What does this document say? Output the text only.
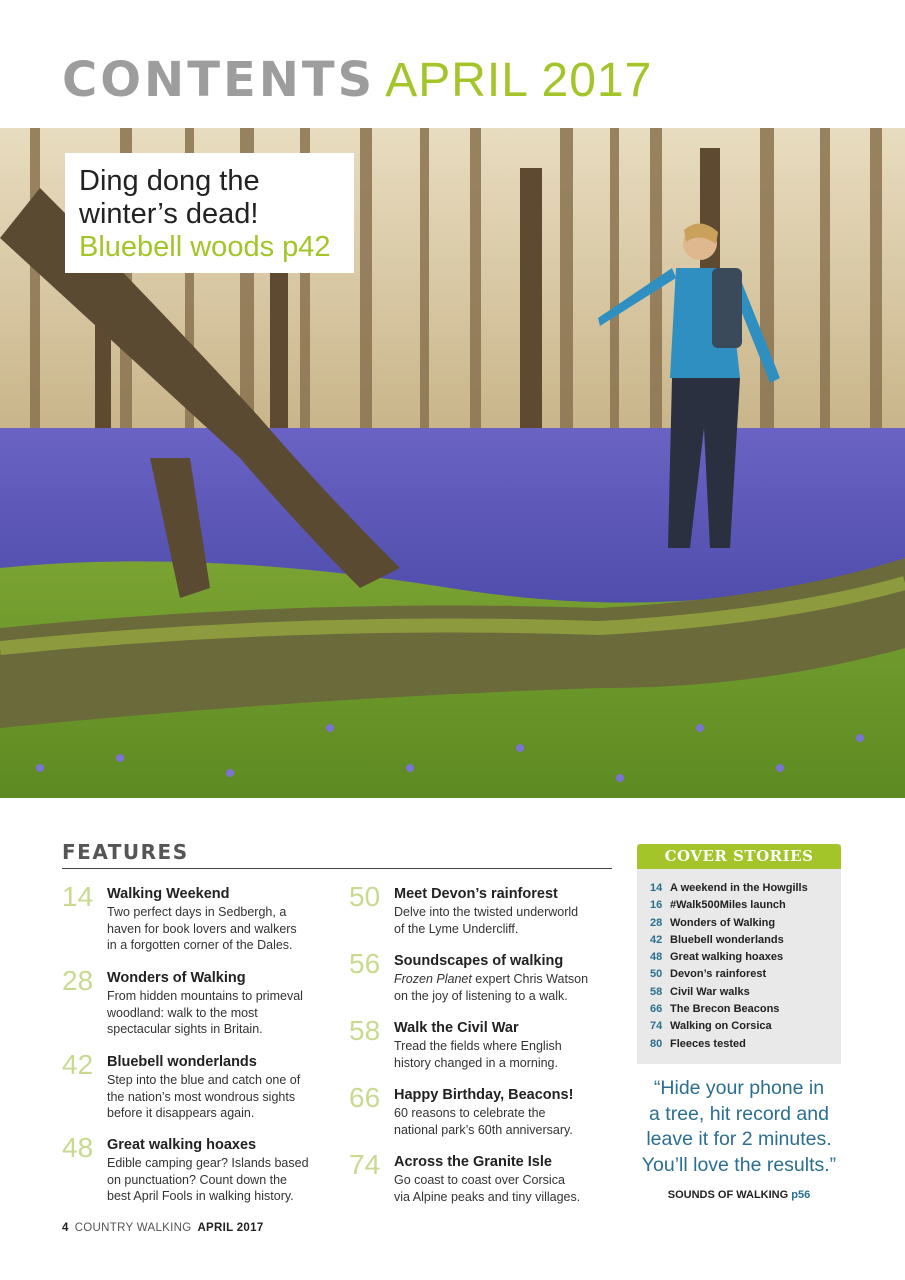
CONTENTS APRIL 2017
Ding dong the
winter’s dead!
Bluebell woods p42
FEATURES
14 Walking Weekend
Two perfect days in Sedbergh, a
haven for book lovers and walkers
in a forgotten corner of the Dales.
28 Wonders of Walking
From hidden mountains to primeval
woodland: walk to the most
spectacular sights in Britain.
42 Bluebell wonderlands
Step into the blue and catch one of
the nation’s most wondrous sights
before it disappears again.
48 Great walking hoaxes
Edible camping gear? Islands based
on punctuation? Count down the
best April Fools in walking history.
50 Meet Devon’s rainforest
Delve into the twisted underworld
of the Lyme Undercliff.
56 Soundscapes of walking
Frozen Planet expert Chris Watson
on the joy of listening to a walk.
58 Walk the Civil War
Tread the fields where English
history changed in a morning.
66 Happy Birthday, Beacons!
60 reasons to celebrate the
national park’s 60th anniversary.
74 Across the Granite Isle
Go coast to coast over Corsica
via Alpine peaks and tiny villages.
COVER STORIES
14 A weekend in the Howgills
16 #Walk500Miles launch
28 Wonders of Walking
42 Bluebell wonderlands
48 Great walking hoaxes
50 Devon’s rainforest
58 Civil War walks
66 The Brecon Beacons
74 Walking on Corsica
80 Fleeces tested
“Hide your phone in
a tree, hit record and
leave it for 2 minutes.
You’ll love the results.”
SOUNDS OF WALKING p56
4 COUNTRY WALKING APRIL 2017
